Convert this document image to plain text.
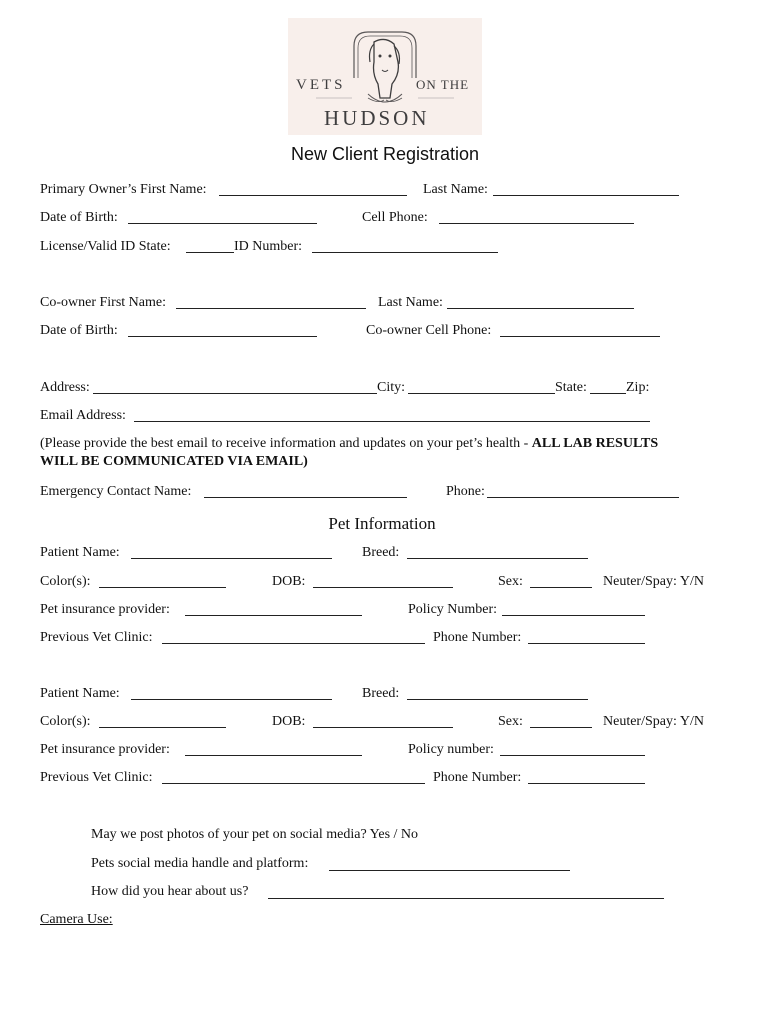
VETS	ON THE
HUDSON
New Client Registration
Primary Owner’s First Name:	Last Name:
Date of Birth:	Cell Phone:
License/Valid ID State:	ID Number:
Co-owner First Name:	Last Name:
Date of Birth:	Co-owner Cell Phone:
Address:	City:	State:	Zip:
Email Address:
(Please provide the best email to receive information and updates on your pet’s health - ALL LAB RESULTS
WILL BE COMMUNICATED VIA EMAIL)
Emergency Contact Name:	Phone:
Pet Information
Patient Name:	Breed:
Color(s):	DOB:	Sex:	Neuter/Spay: Y/N
Pet insurance provider:	Policy Number:
Previous Vet Clinic:	Phone Number:
Patient Name:	Breed:
Color(s):	DOB:	Sex:	Neuter/Spay: Y/N
Pet insurance provider:	Policy number:
Previous Vet Clinic:	Phone Number:
May we post photos of your pet on social media? Yes / No
Pets social media handle and platform:
How did you hear about us?
Camera Use:
